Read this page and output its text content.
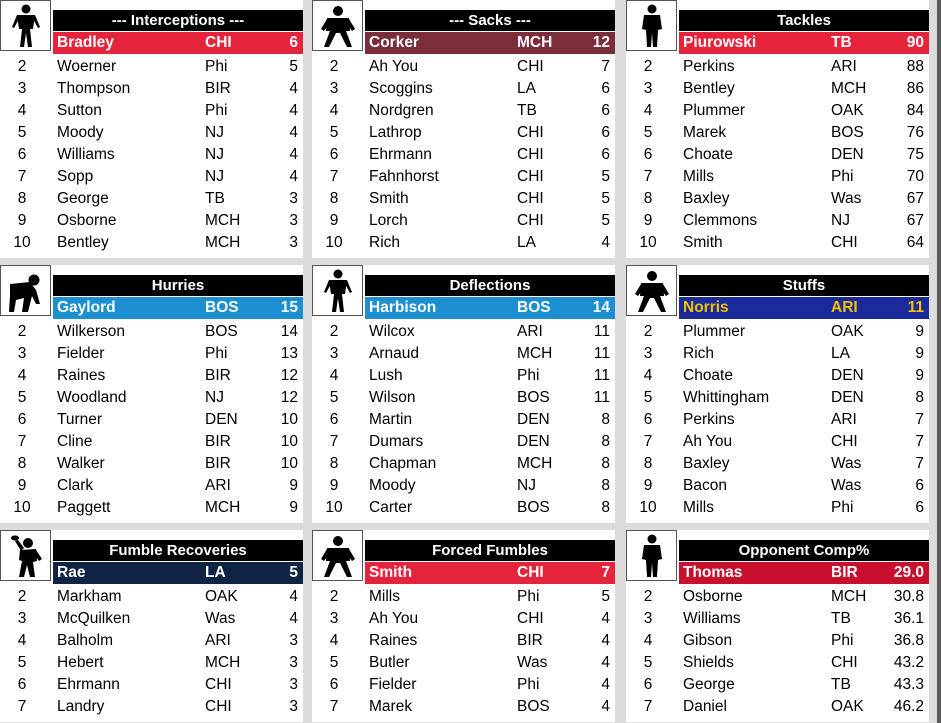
--- Interceptions ---
Bradley	CHI	6
2	Woerner	Phi	5
3	Thompson	BIR	4
4	Sutton	Phi	4
5	Moody	NJ	4
6	Williams	NJ	4
7	Sopp	NJ	4
8	George	TB	3
9	Osborne	MCH	3
10	Bentley	MCH	3
--- Sacks ---
Corker	MCH	12
2	Ah You	CHI	7
3	Scoggins	LA	6
4	Nordgren	TB	6
5	Lathrop	CHI	6
6	Ehrmann	CHI	6
7	Fahnhorst	CHI	5
8	Smith	CHI	5
9	Lorch	CHI	5
10	Rich	LA	4
Tackles
Piurowski	TB	90
2	Perkins	ARI	88
3	Bentley	MCH	86
4	Plummer	OAK	84
5	Marek	BOS	76
6	Choate	DEN	75
7	Mills	Phi	70
8	Baxley	Was	67
9	Clemmons	NJ	67
10	Smith	CHI	64
Hurries
Gaylord	BOS	15
2	Wilkerson	BOS	14
3	Fielder	Phi	13
4	Raines	BIR	12
5	Woodland	NJ	12
6	Turner	DEN	10
7	Cline	BIR	10
8	Walker	BIR	10
9	Clark	ARI	9
10	Paggett	MCH	9
Deflections
Harbison	BOS	14
2	Wilcox	ARI	11
3	Arnaud	MCH	11
4	Lush	Phi	11
5	Wilson	BOS	11
6	Martin	DEN	8
7	Dumars	DEN	8
8	Chapman	MCH	8
9	Moody	NJ	8
10	Carter	BOS	8
Stuffs
Norris	ARI	11
2	Plummer	OAK	9
3	Rich	LA	9
4	Choate	DEN	9
5	Whittingham	DEN	8
6	Perkins	ARI	7
7	Ah You	CHI	7
8	Baxley	Was	7
9	Bacon	Was	6
10	Mills	Phi	6
Fumble Recoveries
Rae	LA	5
2	Markham	OAK	4
3	McQuilken	Was	4
4	Balholm	ARI	3
5	Hebert	MCH	3
6	Ehrmann	CHI	3
7	Landry	CHI	3
Forced Fumbles
Smith	CHI	7
2	Mills	Phi	5
3	Ah You	CHI	4
4	Raines	BIR	4
5	Butler	Was	4
6	Fielder	Phi	4
7	Marek	BOS	4
Opponent Comp%
Thomas	BIR 29.0
2	Osborne	MCH 30.8
3	Williams	TB	36.1
4	Gibson	Phi	36.8
5	Shields	CHI 43.2
6	George	TB	43.3
7	Daniel	OAK 46.2
